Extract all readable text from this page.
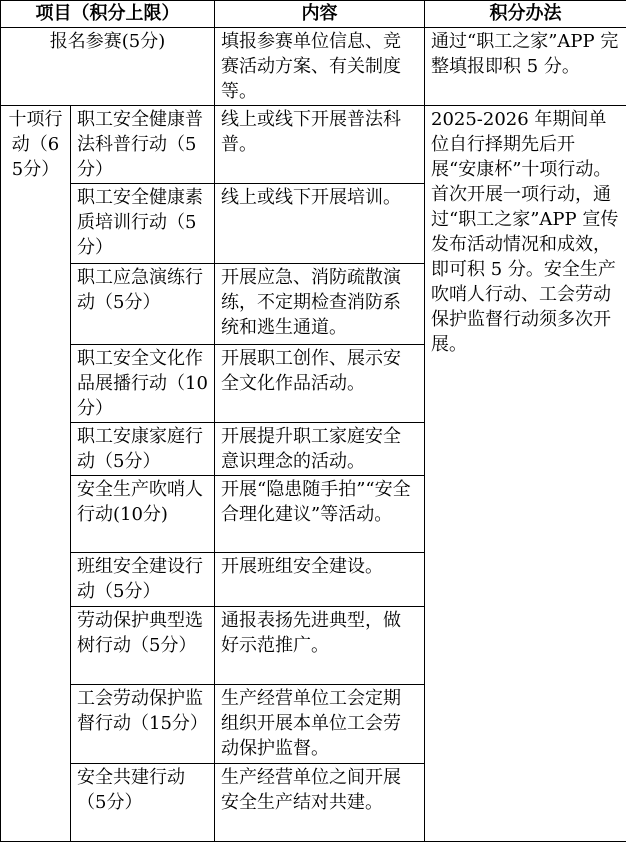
项目（积分上限）		内容	积分办法
报名参赛(5分)		填报参赛单位信息、竞赛活动方案、有关制度等。	通过“职工之家”APP 完整填报即积 5 分。
十项行动（65分）	职工安全健康普法科普行动（5分）	线上或线下开展普法科普。	2025-2026 年期间单位自行择期先后开展“安康杯”十项行动。首次开展一项行动，通过“职工之家”APP 宣传发布活动情况和成效，即可积 5 分。安全生产吹哨人行动、工会劳动保护监督行动须多次开展。
	职工安全健康素质培训行动（5分）	线上或线下开展培训。	
	职工应急演练行动（5分）	开展应急、消防疏散演练，不定期检查消防系统和逃生通道。	
	职工安全文化作品展播行动（10分）	开展职工创作、展示安全文化作品活动。	
	职工安康家庭行动（5分）	开展提升职工家庭安全意识理念的活动。	
	安全生产吹哨人行动(10分)	开展“隐患随手拍”“安全合理化建议”等活动。	
	班组安全建设行动（5分）	开展班组安全建设。	
	劳动保护典型选树行动（5分）	通报表扬先进典型，做好示范推广。	
	工会劳动保护监督行动（15分）	生产经营单位工会定期组织开展本单位工会劳动保护监督。	
	安全共建行动（5分）	生产经营单位之间开展安全生产结对共建。	
